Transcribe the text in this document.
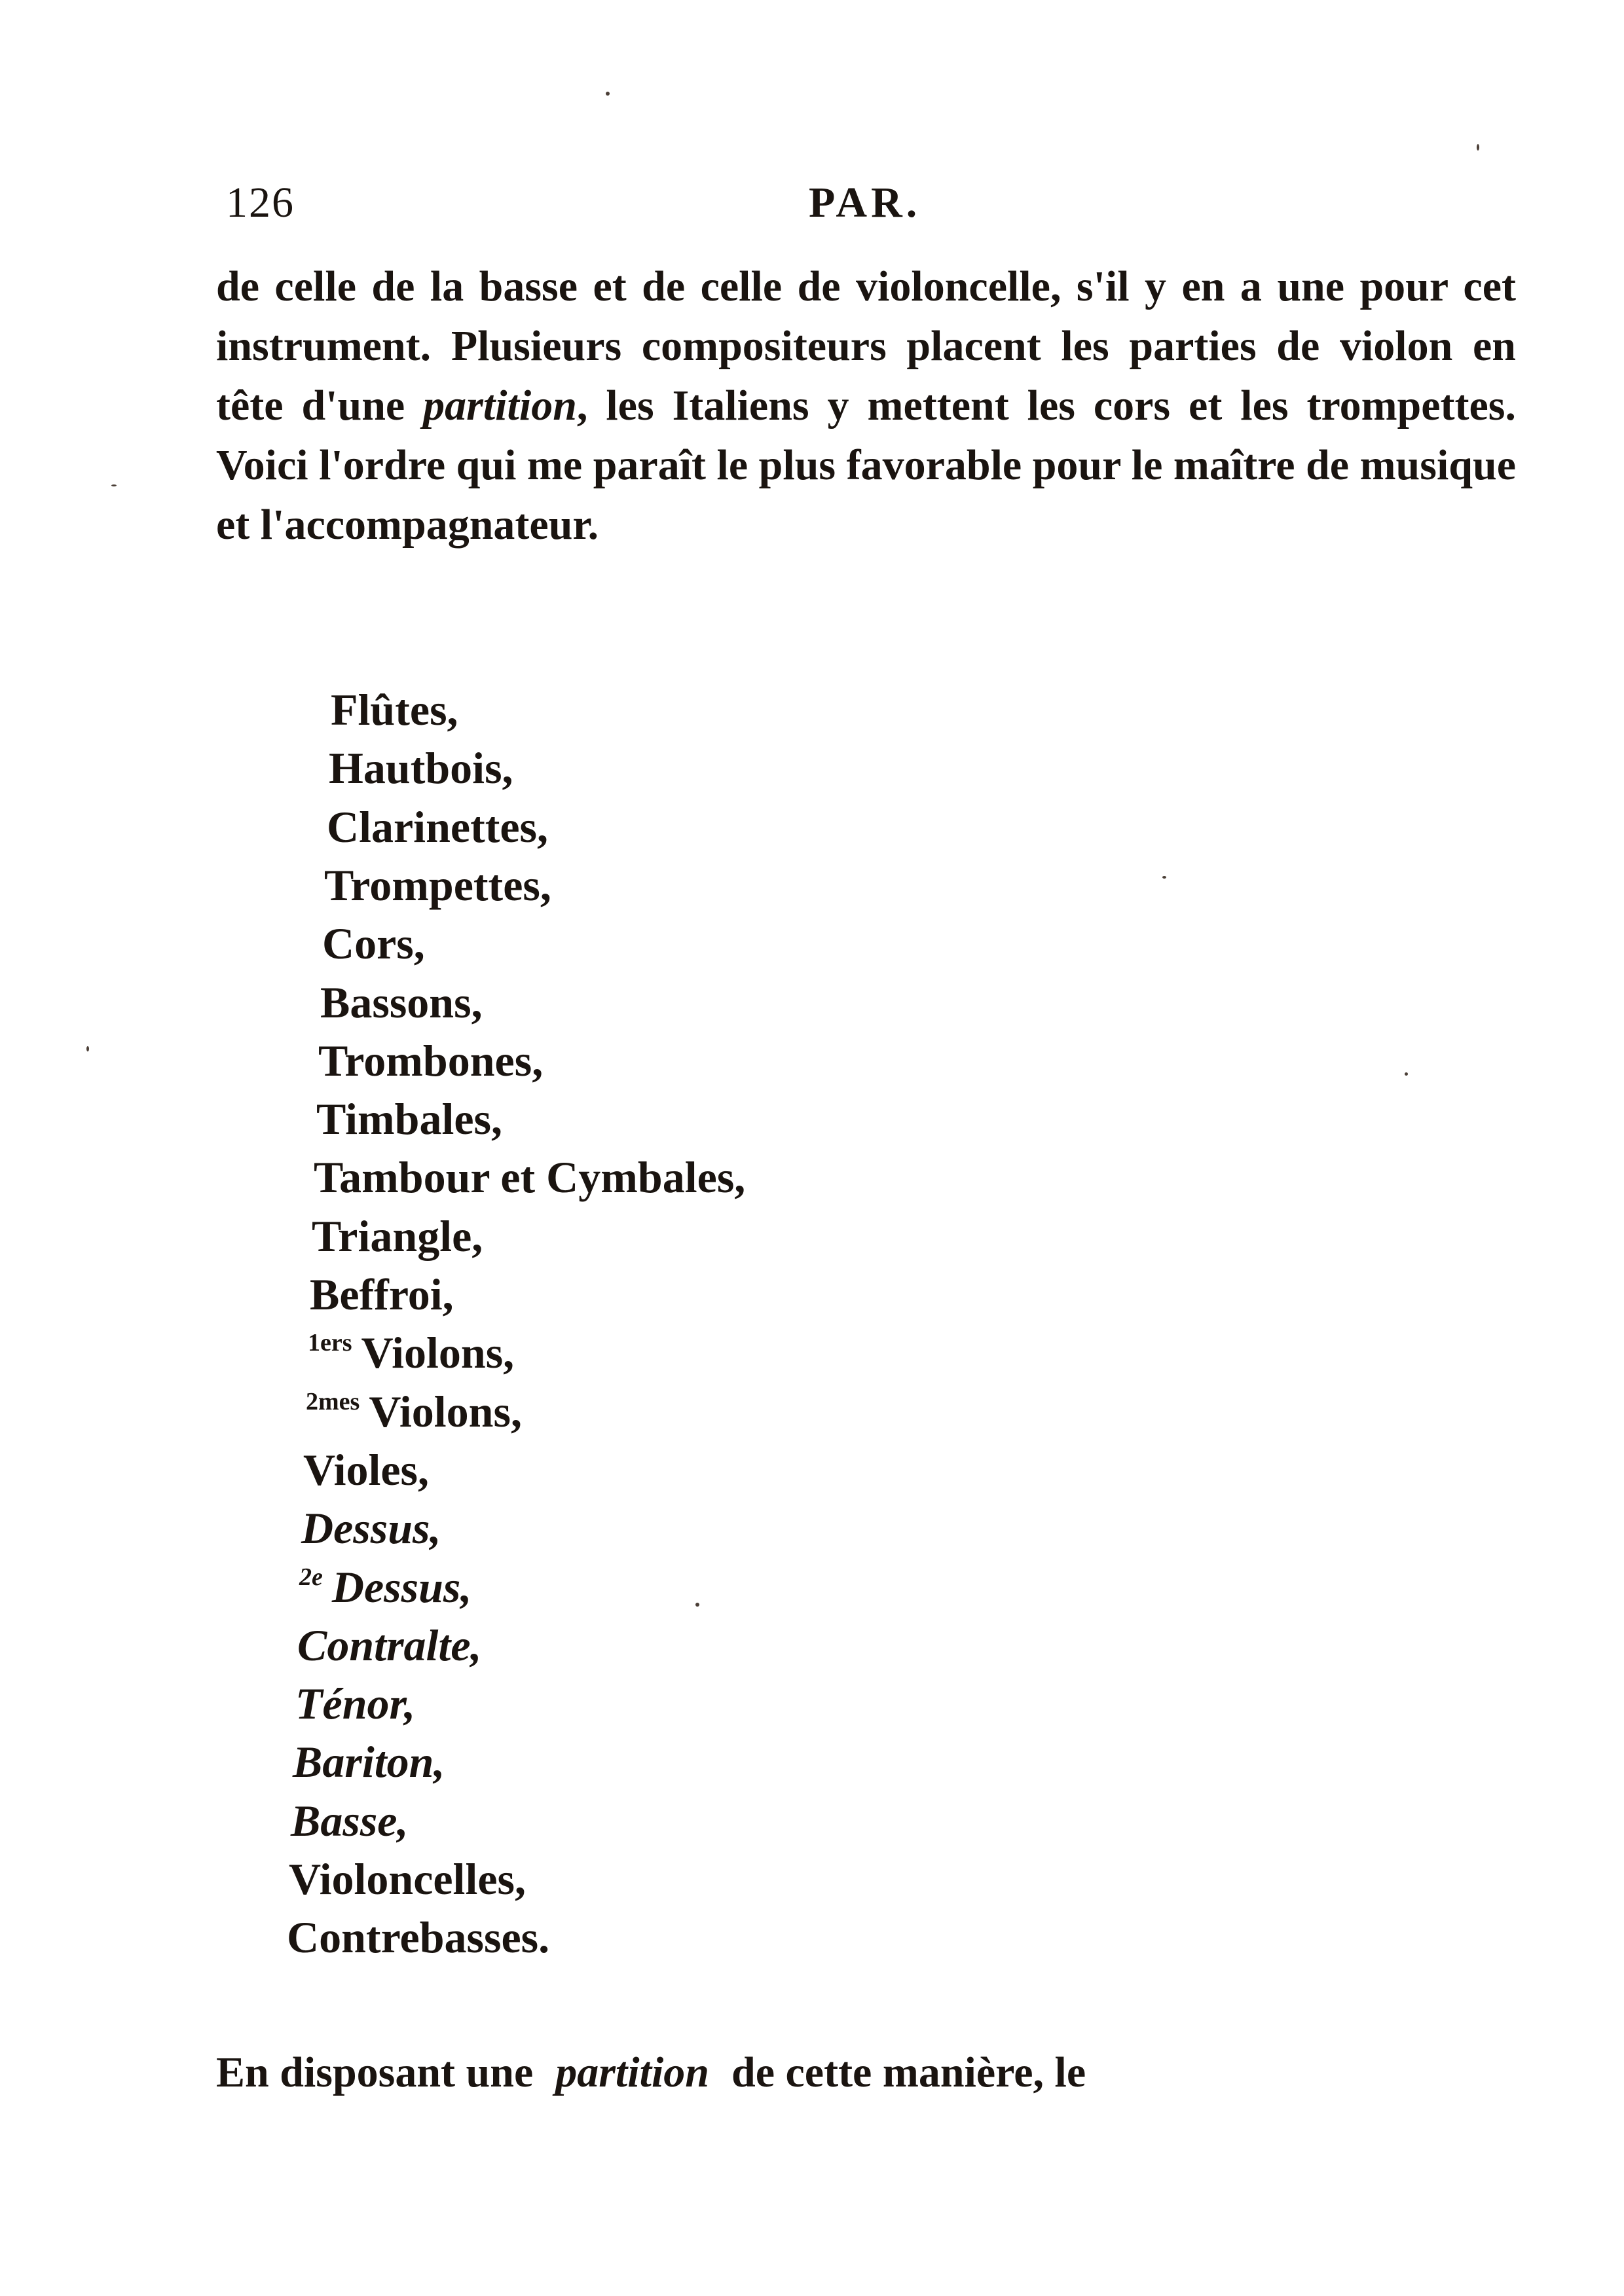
126	PAR.

de celle de la basse et de celle de violoncelle, s'il y en a une pour cet instrument. Plusieurs compositeurs placent les parties de violon en tête d'une partition, les Italiens y mettent les cors et les trompettes. Voici l'ordre qui me paraît le plus favorable pour le maître de musique et l'accompagnateur.

Flûtes,
Hautbois,
Clarinettes,
Trompettes,
Cors,
Bassons,
Trombones,
Timbales,
Tambour et Cymbales,
Triangle,
Beffroi,
$^{1ers}$ Violons,
$^{2mes}$ Violons,
Violes,
Dessus,
$^{2e}$ Dessus,
Contralte,
Ténor,
Bariton,
Basse,
Violoncelles,
Contrebasses.

En disposant une partition de cette manière, le
